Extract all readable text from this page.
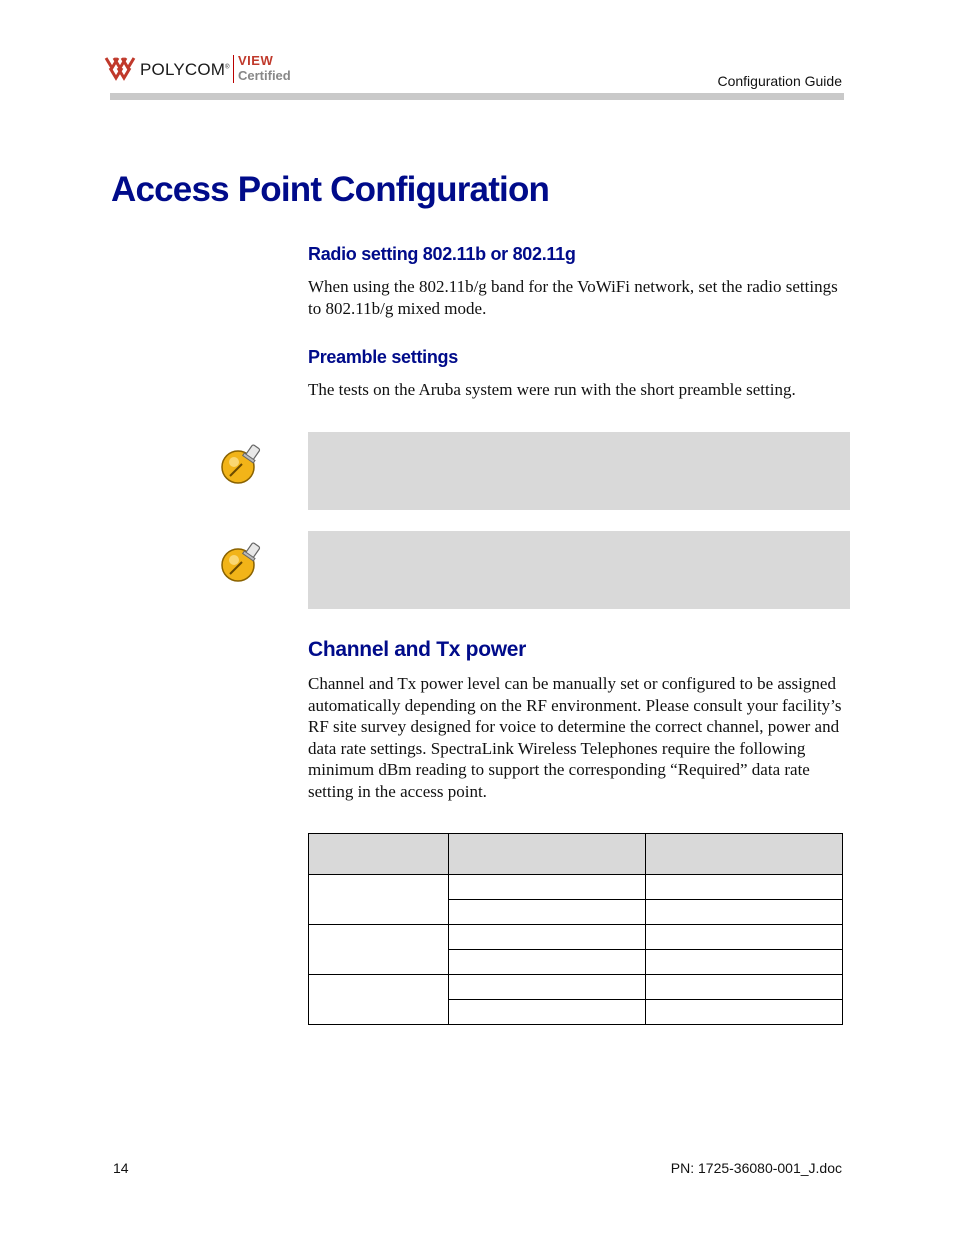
POLYCOM® VIEW
Certified	Configuration Guide
Access Point Configuration
Radio setting 802.11b or 802.11g

When using the 802.11b/g band for the VoWiFi network, set the radio settings to 802.11b/g mixed mode.

Preamble settings

The tests on the Aruba system were run with the short preamble setting.

Channel and Tx power

Channel and Tx power level can be manually set or configured to be assigned automatically depending on the RF environment. Please consult your facility’s RF site survey designed for voice to determine the correct channel, power and data rate settings. SpectraLink Wireless Telephones require the following minimum dBm reading to support the corresponding “Required” data rate setting in the access point.

14	PN: 1725-36080-001_J.doc
